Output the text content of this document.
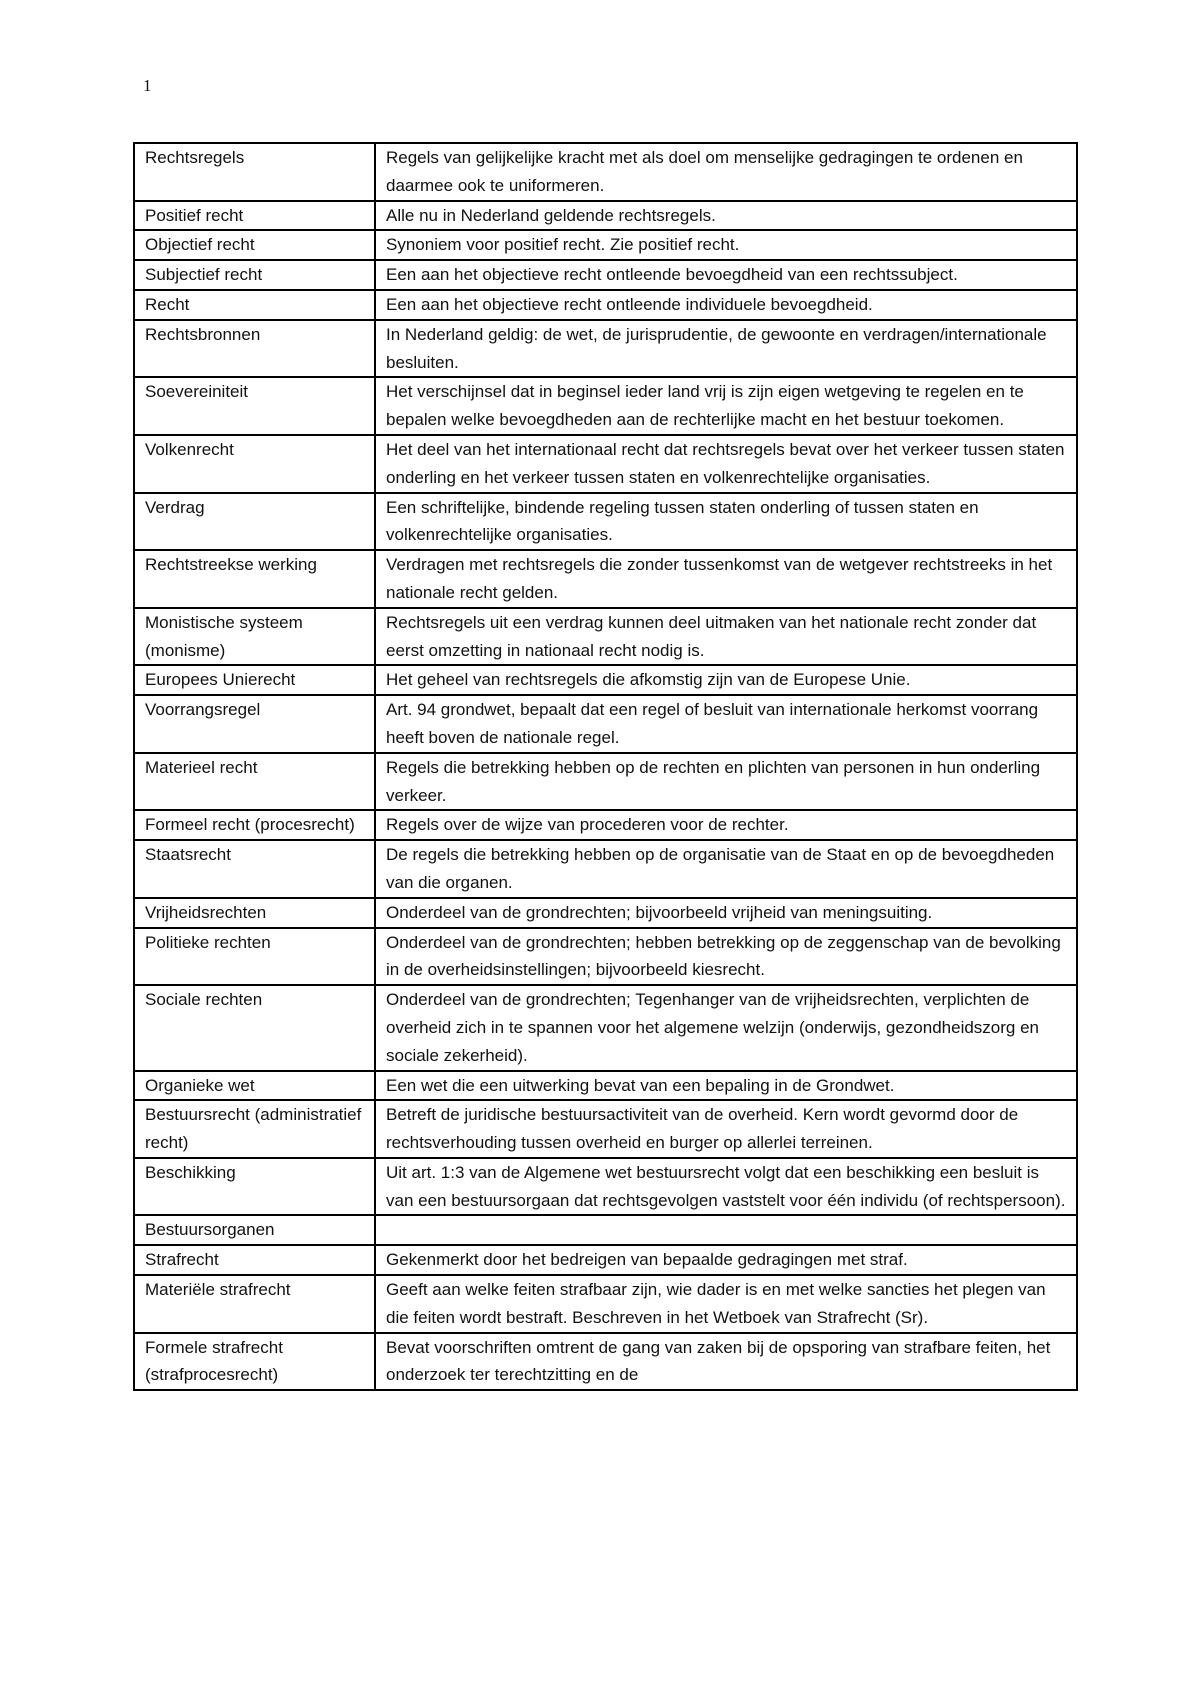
1
Rechtsregels	Regels van gelijkelijke kracht met als doel om menselijke gedragingen te ordenen en daarmee ook te uniformeren.
Positief recht	Alle nu in Nederland geldende rechtsregels.
Objectief recht	Synoniem voor positief recht. Zie positief recht.
Subjectief recht	Een aan het objectieve recht ontleende bevoegdheid van een rechtssubject.
Recht	Een aan het objectieve recht ontleende individuele bevoegdheid.
Rechtsbronnen	In Nederland geldig: de wet, de jurisprudentie, de gewoonte en verdragen/internationale besluiten.
Soevereiniteit	Het verschijnsel dat in beginsel ieder land vrij is zijn eigen wetgeving te regelen en te bepalen welke bevoegdheden aan de rechterlijke macht en het bestuur toekomen.
Volkenrecht	Het deel van het internationaal recht dat rechtsregels bevat over het verkeer tussen staten onderling en het verkeer tussen staten en volkenrechtelijke organisaties.
Verdrag	Een schriftelijke, bindende regeling tussen staten onderling of tussen staten en volkenrechtelijke organisaties.
Rechtstreekse werking	Verdragen met rechtsregels die zonder tussenkomst van de wetgever rechtstreeks in het nationale recht gelden.
Monistische systeem (monisme)	Rechtsregels uit een verdrag kunnen deel uitmaken van het nationale recht zonder dat eerst omzetting in nationaal recht nodig is.
Europees Unierecht	Het geheel van rechtsregels die afkomstig zijn van de Europese Unie.
Voorrangsregel	Art. 94 grondwet, bepaalt dat een regel of besluit van internationale herkomst voorrang heeft boven de nationale regel.
Materieel recht	Regels die betrekking hebben op de rechten en plichten van personen in hun onderling verkeer.
Formeel recht (procesrecht)	Regels over de wijze van procederen voor de rechter.
Staatsrecht	De regels die betrekking hebben op de organisatie van de Staat en op de bevoegdheden van die organen.
Vrijheidsrechten	Onderdeel van de grondrechten; bijvoorbeeld vrijheid van meningsuiting.
Politieke rechten	Onderdeel van de grondrechten; hebben betrekking op de zeggenschap van de bevolking in de overheidsinstellingen; bijvoorbeeld kiesrecht.
Sociale rechten	Onderdeel van de grondrechten; Tegenhanger van de vrijheidsrechten, verplichten de overheid zich in te spannen voor het algemene welzijn (onderwijs, gezondheidszorg en sociale zekerheid).
Organieke wet	Een wet die een uitwerking bevat van een bepaling in de Grondwet.
Bestuursrecht (administratief recht)	Betreft de juridische bestuursactiviteit van de overheid. Kern wordt gevormd door de rechtsverhouding tussen overheid en burger op allerlei terreinen.
Beschikking	Uit art. 1:3 van de Algemene wet bestuursrecht volgt dat een beschikking een besluit is van een bestuursorgaan dat rechtsgevolgen vaststelt voor één individu (of rechtspersoon).
Bestuursorganen	
Strafrecht	Gekenmerkt door het bedreigen van bepaalde gedragingen met straf.
Materiële strafrecht	Geeft aan welke feiten strafbaar zijn, wie dader is en met welke sancties het plegen van die feiten wordt bestraft. Beschreven in het Wetboek van Strafrecht (Sr).
Formele strafrecht (strafprocesrecht)	Bevat voorschriften omtrent de gang van zaken bij de opsporing van strafbare feiten, het onderzoek ter terechtzitting en de
